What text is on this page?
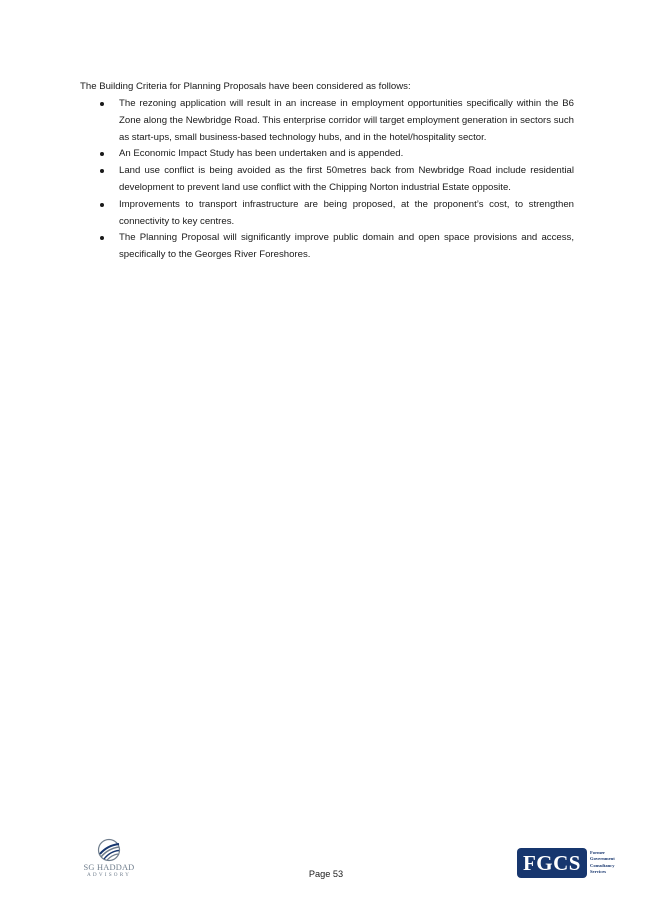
The Building Criteria for Planning Proposals have been considered as follows:

The rezoning application will result in an increase in employment opportunities specifically within the B6 Zone along the Newbridge Road. This enterprise corridor will target employment generation in sectors such as start-ups, small business-based technology hubs, and in the hotel/hospitality sector.
An Economic Impact Study has been undertaken and is appended.
Land use conflict is being avoided as the first 50metres back from Newbridge Road include residential development to prevent land use conflict with the Chipping Norton industrial Estate opposite.
Improvements to transport infrastructure are being proposed, at the proponent’s cost, to strengthen connectivity to key centres.
The Planning Proposal will significantly improve public domain and open space provisions and access, specifically to the Georges River Foreshores.
SG HADDAD
ADVISORY	Page 53	FGCS	Former
Government
Consultancy
Services
